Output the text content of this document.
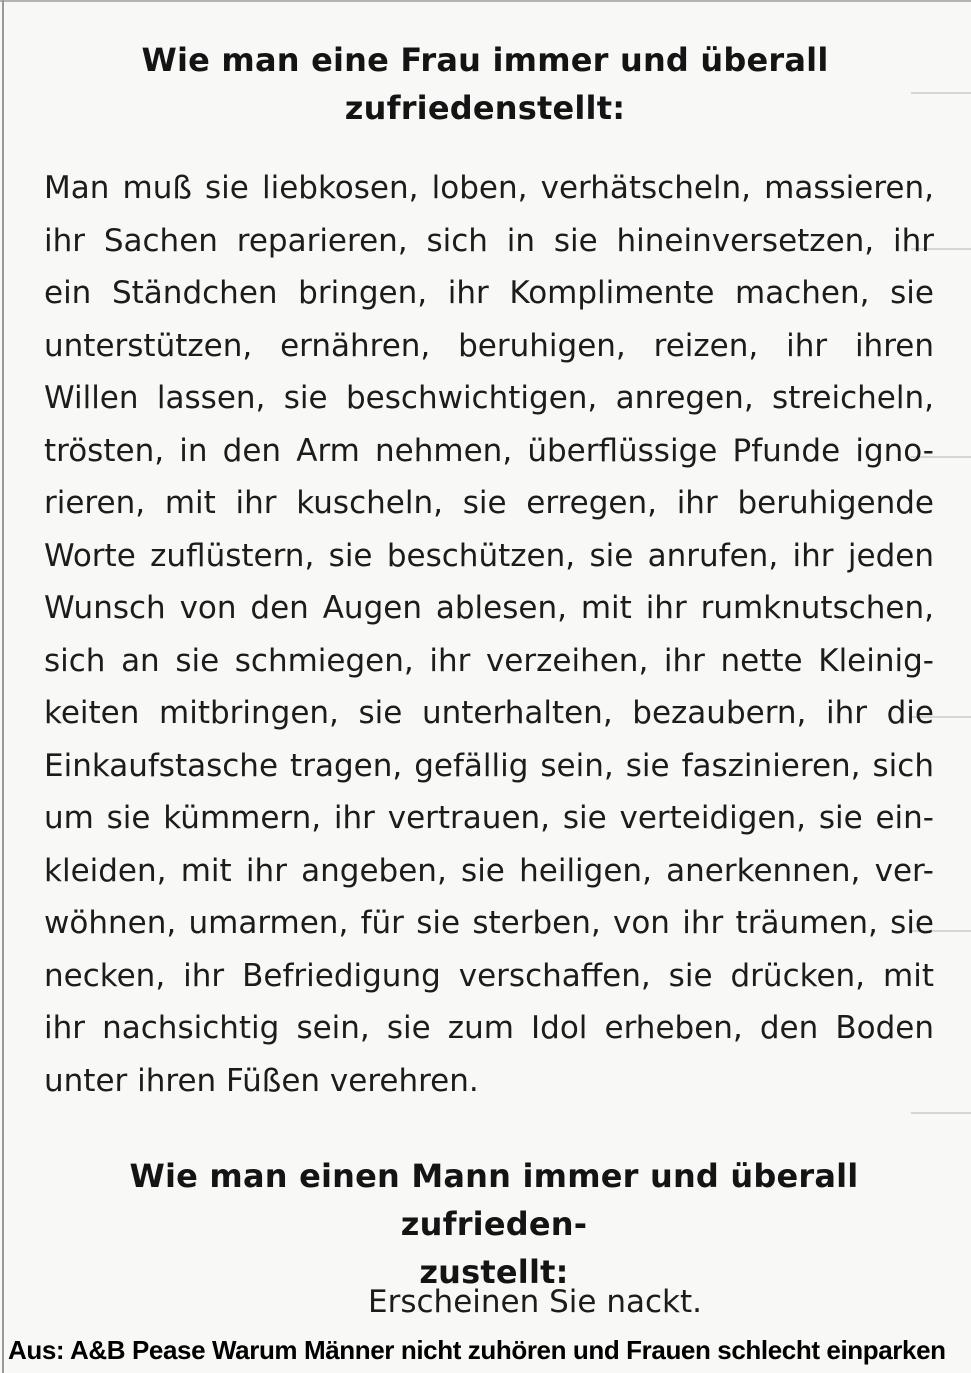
Wie man eine Frau immer und überall
zufriedenstellt:
Man muß sie liebkosen, loben, verhätscheln, massieren,
ihr Sachen reparieren, sich in sie hineinversetzen, ihr
ein Ständchen bringen, ihr Komplimente machen, sie
unterstützen, ernähren, beruhigen, reizen, ihr ihren
Willen lassen, sie beschwichtigen, anregen, streicheln,
trösten, in den Arm nehmen, überflüssige Pfunde igno-
rieren, mit ihr kuscheln, sie erregen, ihr beruhigende
Worte zuflüstern, sie beschützen, sie anrufen, ihr jeden
Wunsch von den Augen ablesen, mit ihr rumknutschen,
sich an sie schmiegen, ihr verzeihen, ihr nette Kleinig-
keiten mitbringen, sie unterhalten, bezaubern, ihr die
Einkaufstasche tragen, gefällig sein, sie faszinieren, sich
um sie kümmern, ihr vertrauen, sie verteidigen, sie ein-
kleiden, mit ihr angeben, sie heiligen, anerkennen, ver-
wöhnen, umarmen, für sie sterben, von ihr träumen, sie
necken, ihr Befriedigung verschaffen, sie drücken, mit
ihr nachsichtig sein, sie zum Idol erheben, den Boden
unter ihren Füßen verehren.
Wie man einen Mann immer und überall zufrieden-
zustellt:
Erscheinen Sie nackt.
Aus: A&B Pease Warum Männer nicht zuhören und Frauen schlecht einparken
